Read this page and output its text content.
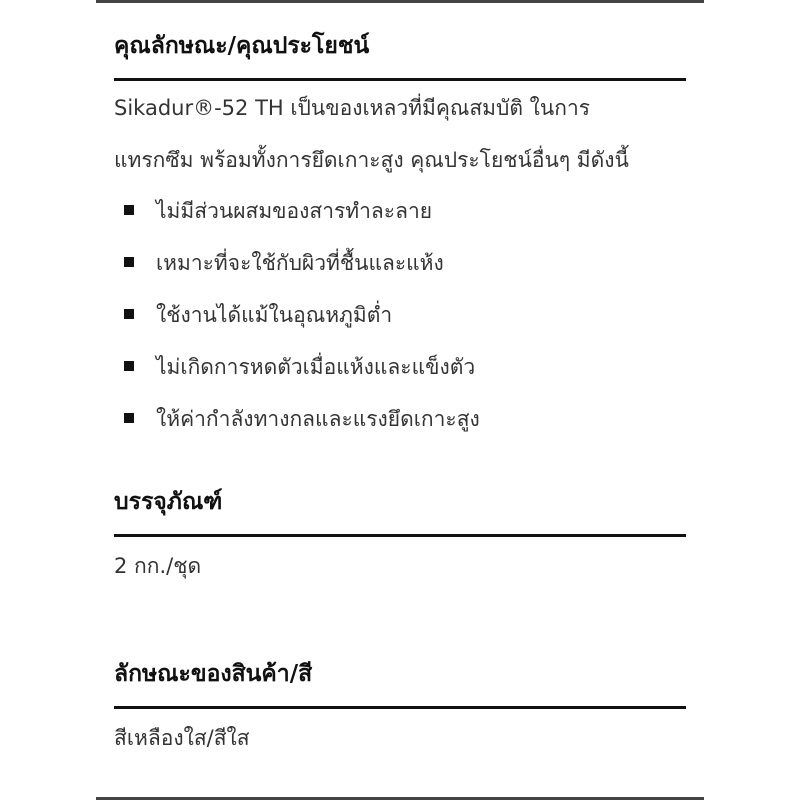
คุณลักษณะ/คุณประโยชน์
Sikadur®-52 TH เป็นของเหลวที่มีคุณสมบัติ ในการ
แทรกซึม พร้อมทั้งการยึดเกาะสูง คุณประโยชน์อื่นๆ มีดังนี้
ไม่มีส่วนผสมของสารทำละลาย
เหมาะที่จะใช้กับผิวที่ชื้นและแห้ง
ใช้งานได้แม้ในอุณหภูมิต่ำ
ไม่เกิดการหดตัวเมื่อแห้งและแข็งตัว
ให้ค่ากำลังทางกลและแรงยึดเกาะสูง
บรรจุภัณฑ์
2 กก./ชุด
ลักษณะของสินค้า/สี
สีเหลืองใส/สีใส
